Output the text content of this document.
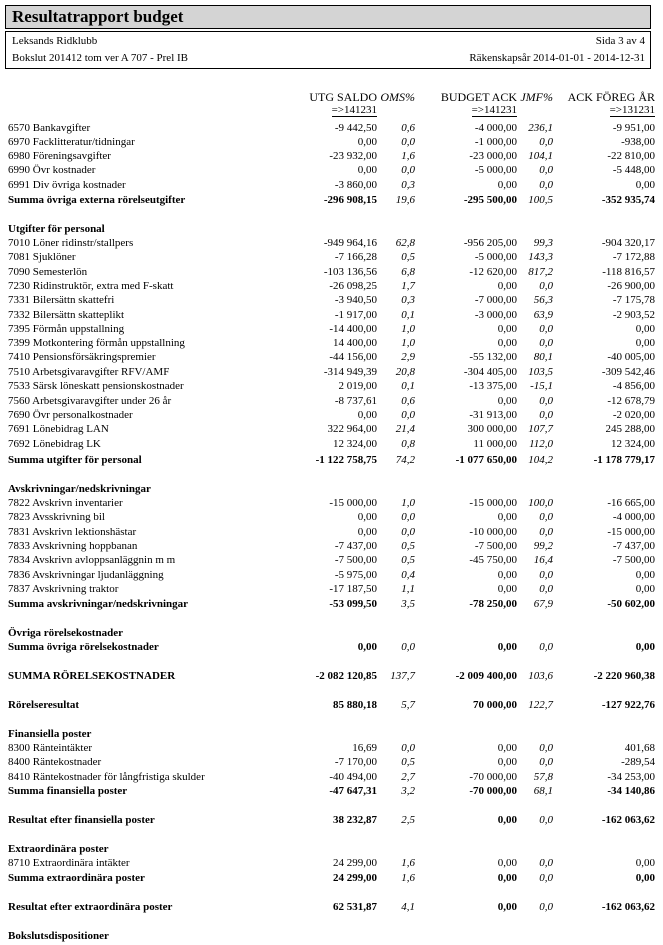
Resultatrapport budget
Leksands Ridklubb	Sida 3 av 4
Bokslut 201412 tom ver A 707 - Prel IB	Räkenskapsår 2014-01-01 - 2014-12-31
UTG SALDO OMS% BUDGET ACK JMF% ACK FÖREG ÅR
=>141231	=>141231	=>131231
6570 Bankavgifter	-9 442,50 0,6	-4 000,00 236,1	-9 951,00
6970 Facklitteratur/tidningar	0,00 0,0	-1 000,00 0,0	-938,00
6980 Föreningsavgifter	-23 932,00 1,6	-23 000,00 104,1	-22 810,00
6990 Övr kostnader	0,00 0,0	-5 000,00 0,0	-5 448,00
6991 Div övriga kostnader	-3 860,00 0,3	0,00 0,0	0,00
Summa övriga externa rörelseutgifter	-296 908,15 19,6	-295 500,00 100,5	-352 935,74
Utgifter för personal
7010 Löner ridinstr/stallpers	-949 964,16 62,8	-956 205,00 99,3	-904 320,17
7081 Sjuklöner	-7 166,28 0,5	-5 000,00 143,3	-7 172,88
7090 Semesterlön	-103 136,56 6,8	-12 620,00 817,2	-118 816,57
7230 Ridinstruktör, extra med F-skatt	-26 098,25 1,7	0,00 0,0	-26 900,00
7331 Bilersättn skattefri	-3 940,50 0,3	-7 000,00 56,3	-7 175,78
7332 Bilersättn skatteplikt	-1 917,00 0,1	-3 000,00 63,9	-2 903,52
7395 Förmån uppstallning	-14 400,00 1,0	0,00 0,0	0,00
7399 Motkontering förmån uppstallning	14 400,00 1,0	0,00 0,0	0,00
7410 Pensionsförsäkringspremier	-44 156,00 2,9	-55 132,00 80,1	-40 005,00
7510 Arbetsgivaravgifter RFV/AMF	-314 949,39 20,8	-304 405,00 103,5	-309 542,46
7533 Särsk löneskatt pensionskostnader	2 019,00 0,1	-13 375,00 -15,1	-4 856,00
7560 Arbetsgivaravgifter under 26 år	-8 737,61 0,6	0,00 0,0	-12 678,79
7690 Övr personalkostnader	0,00 0,0	-31 913,00 0,0	-2 020,00
7691 Lönebidrag LAN	322 964,00 21,4	300 000,00 107,7	245 288,00
7692 Lönebidrag LK	12 324,00 0,8	11 000,00 112,0	12 324,00
Summa utgifter för personal	-1 122 758,75 74,2	-1 077 650,00 104,2	-1 178 779,17
Avskrivningar/nedskrivningar
7822 Avskrivn inventarier	-15 000,00 1,0	-15 000,00 100,0	-16 665,00
7823 Avsskrivning bil	0,00 0,0	0,00 0,0	-4 000,00
7831 Avskrivn lektionshästar	0,00 0,0	-10 000,00 0,0	-15 000,00
7833 Avskrivning hoppbanan	-7 437,00 0,5	-7 500,00 99,2	-7 437,00
7834 Avskrivn avloppsanläggnin m m	-7 500,00 0,5	-45 750,00 16,4	-7 500,00
7836 Avskrivningar ljudanläggning	-5 975,00 0,4	0,00 0,0	0,00
7837 Avskrivning traktor	-17 187,50 1,1	0,00 0,0	0,00
Summa avskrivningar/nedskrivningar	-53 099,50 3,5	-78 250,00 67,9	-50 602,00
Övriga rörelsekostnader
Summa övriga rörelsekostnader	0,00 0,0	0,00 0,0	0,00
SUMMA RÖRELSEKOSTNADER	-2 082 120,85 137,7	-2 009 400,00 103,6	-2 220 960,38
Rörelseresultat	85 880,18 5,7	70 000,00 122,7	-127 922,76
Finansiella poster
8300 Ränteintäkter	16,69 0,0	0,00 0,0	401,68
8400 Räntekostnader	-7 170,00 0,5	0,00 0,0	-289,54
8410 Räntekostnader för långfristiga skulder	-40 494,00 2,7	-70 000,00 57,8	-34 253,00
Summa finansiella poster	-47 647,31 3,2	-70 000,00 68,1	-34 140,86
Resultat efter finansiella poster	38 232,87 2,5	0,00 0,0	-162 063,62
Extraordinära poster
8710 Extraordinära intäkter	24 299,00 1,6	0,00 0,0	0,00
Summa extraordinära poster	24 299,00 1,6	0,00 0,0	0,00
Resultat efter extraordinära poster	62 531,87 4,1	0,00 0,0	-162 063,62
Bokslutsdispositioner
